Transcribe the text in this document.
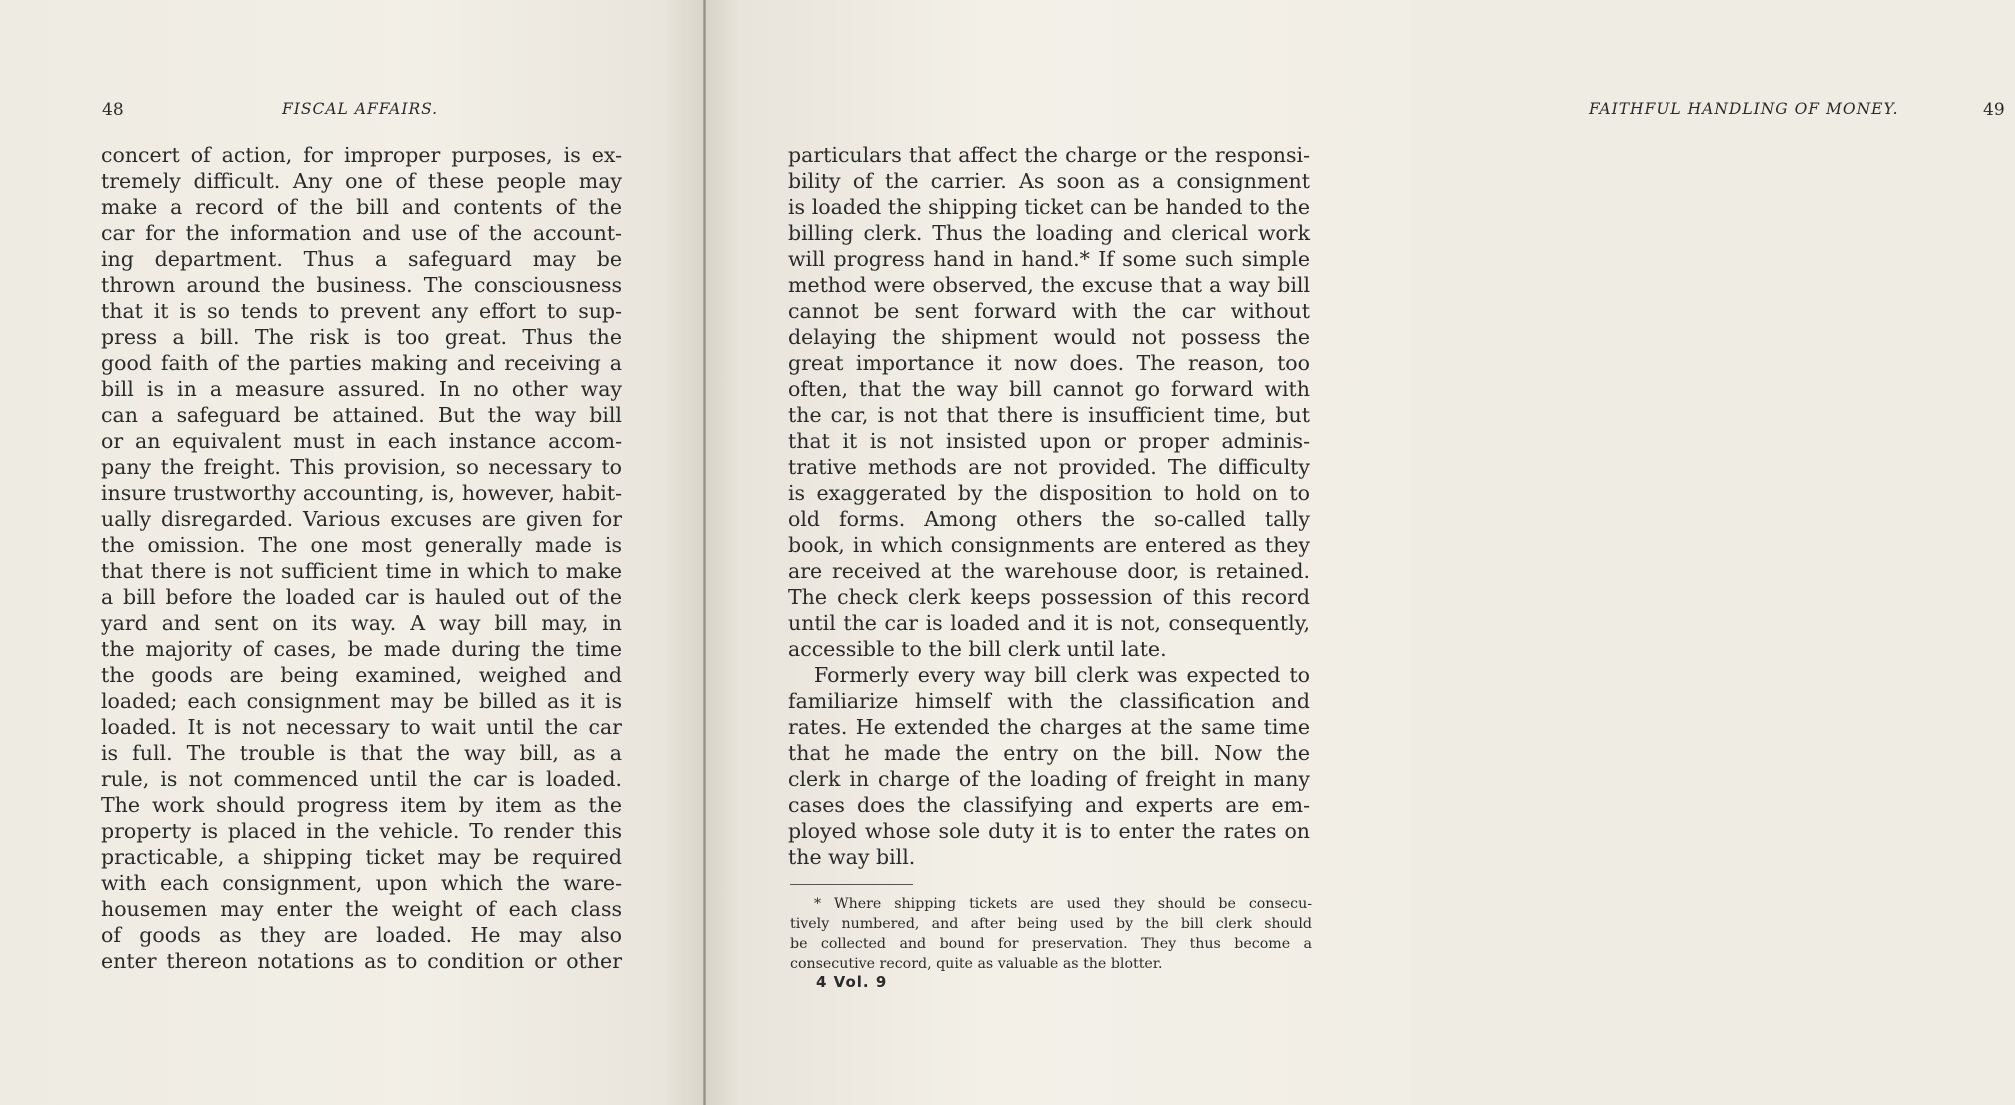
48	FISCAL AFFAIRS.
concert of action, for improper purposes, is ex-
tremely difficult. Any one of these people may
make a record of the bill and contents of the
car for the information and use of the account-
ing department. Thus a safeguard may be
thrown around the business. The consciousness
that it is so tends to prevent any effort to sup-
press a bill. The risk is too great. Thus the
good faith of the parties making and receiving a
bill is in a measure assured. In no other way
can a safeguard be attained. But the way bill
or an equivalent must in each instance accom-
pany the freight. This provision, so necessary to
insure trustworthy accounting, is, however, habit-
ually disregarded. Various excuses are given for
the omission. The one most generally made is
that there is not sufficient time in which to make
a bill before the loaded car is hauled out of the
yard and sent on its way. A way bill may, in
the majority of cases, be made during the time
the goods are being examined, weighed and
loaded; each consignment may be billed as it is
loaded. It is not necessary to wait until the car
is full. The trouble is that the way bill, as a
rule, is not commenced until the car is loaded.
The work should progress item by item as the
property is placed in the vehicle. To render this
practicable, a shipping ticket may be required
with each consignment, upon which the ware-
housemen may enter the weight of each class
of goods as they are loaded. He may also
enter thereon notations as to condition or other
FAITHFUL HANDLING OF MONEY.	49
particulars that affect the charge or the responsi-
bility of the carrier. As soon as a consignment
is loaded the shipping ticket can be handed to the
billing clerk. Thus the loading and clerical work
will progress hand in hand.* If some such simple
method were observed, the excuse that a way bill
cannot be sent forward with the car without
delaying the shipment would not possess the
great importance it now does. The reason, too
often, that the way bill cannot go forward with
the car, is not that there is insufficient time, but
that it is not insisted upon or proper adminis-
trative methods are not provided. The difficulty
is exaggerated by the disposition to hold on to
old forms. Among others the so-called tally
book, in which consignments are entered as they
are received at the warehouse door, is retained.
The check clerk keeps possession of this record
until the car is loaded and it is not, consequently,
accessible to the bill clerk until late.
Formerly every way bill clerk was expected to
familiarize himself with the classification and
rates. He extended the charges at the same time
that he made the entry on the bill. Now the
clerk in charge of the loading of freight in many
cases does the classifying and experts are em-
ployed whose sole duty it is to enter the rates on
the way bill.
* Where shipping tickets are used they should be consecu-
tively numbered, and after being used by the bill clerk should
be collected and bound for preservation. They thus become a
consecutive record, quite as valuable as the blotter.
4 Vol. 9
